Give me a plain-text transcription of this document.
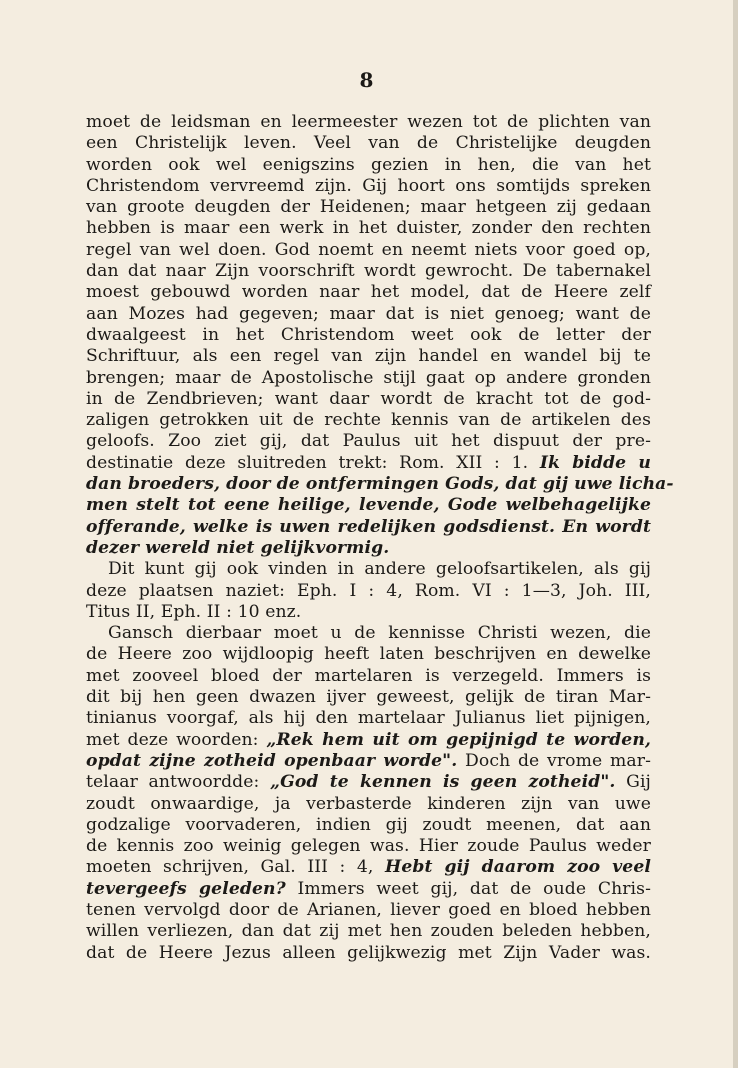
8
moet de leidsman en leermeester wezen tot de plichten van
een Christelijk leven. Veel van de Christelijke deugden
worden ook wel eenigszins gezien in hen, die van het
Christendom vervreemd zijn. Gij hoort ons somtijds spreken
van groote deugden der Heidenen; maar hetgeen zij gedaan
hebben is maar een werk in het duister, zonder den rechten
regel van wel doen. God noemt en neemt niets voor goed op,
dan dat naar Zijn voorschrift wordt gewrocht. De tabernakel
moest gebouwd worden naar het model, dat de Heere zelf
aan Mozes had gegeven; maar dat is niet genoeg; want de
dwaalgeest in het Christendom weet ook de letter der
Schriftuur, als een regel van zijn handel en wandel bij te
brengen; maar de Apostolische stijl gaat op andere gronden
in de Zendbrieven; want daar wordt de kracht tot de god-
zaligen getrokken uit de rechte kennis van de artikelen des
geloofs. Zoo ziet gij, dat Paulus uit het dispuut der pre-
destinatie deze sluitreden trekt: Rom. XII : 1. Ik bidde u
dan broeders, door de ontfermingen Gods, dat gij uwe licha-
men stelt tot eene heilige, levende, Gode welbehagelijke
offerande, welke is uwen redelijken godsdienst. En wordt
dezer wereld niet gelijkvormig.
Dit kunt gij ook vinden in andere geloofsartikelen, als gij
deze plaatsen naziet: Eph. I : 4, Rom. VI : 1—3, Joh. III,
Titus II, Eph. II : 10 enz.
Gansch dierbaar moet u de kennisse Christi wezen, die
de Heere zoo wijdloopig heeft laten beschrijven en dewelke
met zooveel bloed der martelaren is verzegeld. Immers is
dit bij hen geen dwazen ijver geweest, gelijk de tiran Mar-
tinianus voorgaf, als hij den martelaar Julianus liet pijnigen,
met deze woorden: „Rek hem uit om gepijnigd te worden,
opdat zijne zotheid openbaar worde". Doch de vrome mar-
telaar antwoordde: „God te kennen is geen zotheid". Gij
zoudt onwaardige, ja verbasterde kinderen zijn van uwe
godzalige voorvaderen, indien gij zoudt meenen, dat aan
de kennis zoo weinig gelegen was. Hier zoude Paulus weder
moeten schrijven, Gal. III : 4, Hebt gij daarom zoo veel
tevergeefs geleden? Immers weet gij, dat de oude Chris-
tenen vervolgd door de Arianen, liever goed en bloed hebben
willen verliezen, dan dat zij met hen zouden beleden hebben,
dat de Heere Jezus alleen gelijkwezig met Zijn Vader was.
